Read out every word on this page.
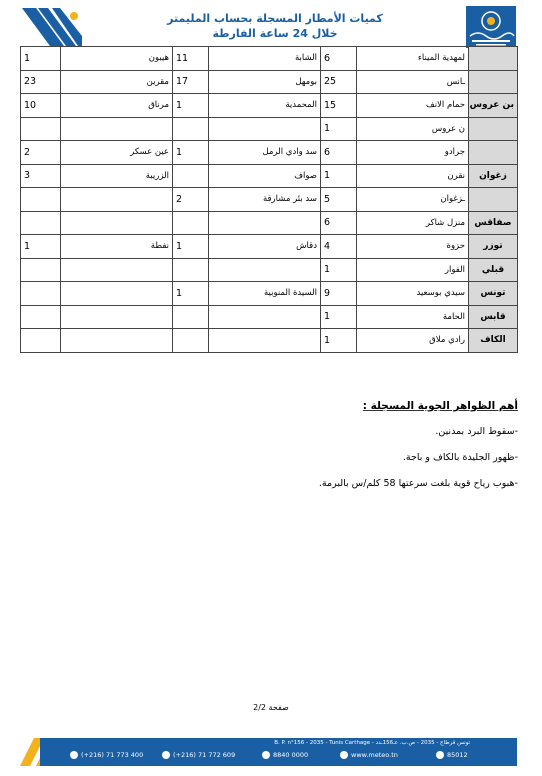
كميات الأمطار المسجلة بحساب المليمتر
خلال 24 ساعة الفارطة
	لمهدية الميناء	6	الشابة	11	هيبون	1
	ـانس	25	بومهل	17	مقرين	23
بن عروس	حمام الانف	15	المحمدية	1	مرناق	10
	ن عروس	1				
	جرادو	6	سد وادي الرمل	1	عين عسكر	2
زغوان	نقرن	1	صواف		الزريبة	3
	ـزغوان	5	سد بئر مشارقة	2		
صفاقس	منزل شاكر	6				
توزر	حزوة	4	دقاش	1	نفطة	1
قبلي	الفوار	1				
تونس	سيدي بوسعيد	9	السيدة المنوبية	1		
قابس	الحامة	1				
الكاف	رادي ملاق	1				
أهم الظواهر الجوية المسجلة :
-سقوط البرد بمدنين.
-ظهور الجليدة بالكاف و باجة.
-هبوب رياح قوية بلغت سرعتها 58 كلم/س بالبرمة.
صفحة 2/2
B. P. n°156 - 2035 - Tunis Carthage - تونس قرطاج - 2035 - ص.ب. عـ156ـدد
(+216) 71 773 400	(+216) 71 772 609	8840 0000	www.meteo.tn	85012
